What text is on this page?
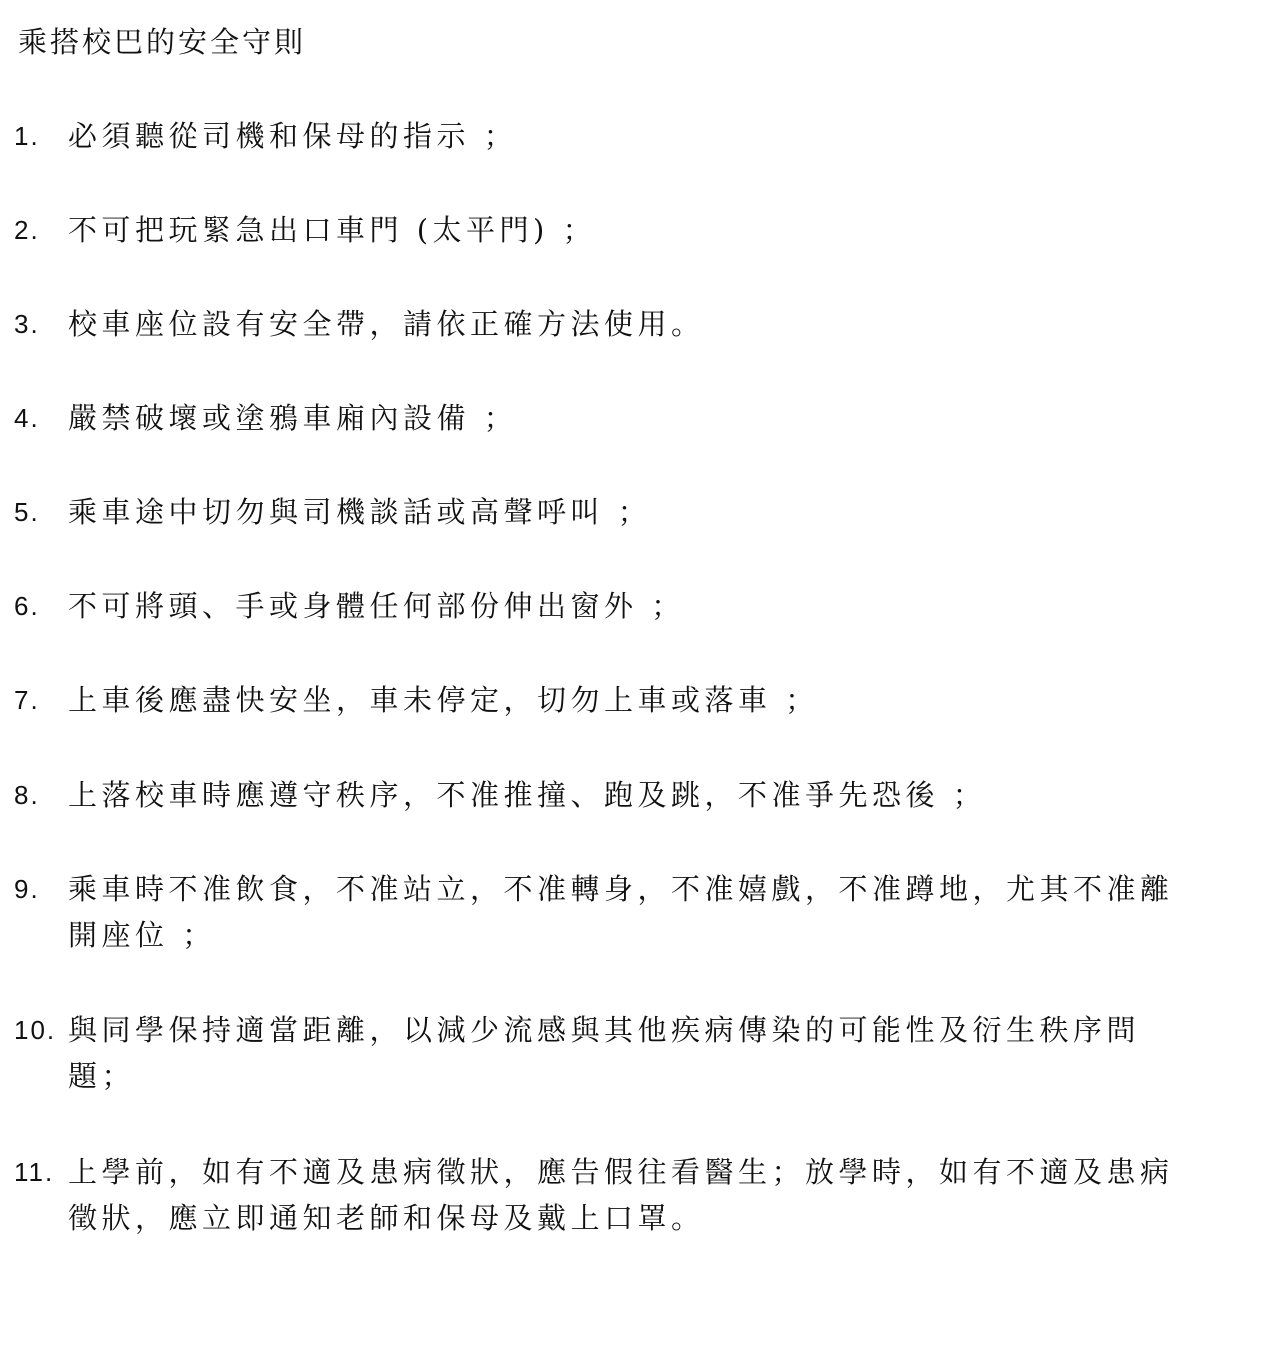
乘搭校巴的安全守則
1. 必須聽從司機和保母的指示 ；
2. 不可把玩緊急出口車門 (太平門) ；
3. 校車座位設有安全帶，請依正確方法使用。
4. 嚴禁破壞或塗鴉車廂內設備 ；
5. 乘車途中切勿與司機談話或高聲呼叫 ；
6. 不可將頭、手或身體任何部份伸出窗外 ；
7. 上車後應盡快安坐，車未停定，切勿上車或落車 ；
8. 上落校車時應遵守秩序，不准推撞、跑及跳，不准爭先恐後 ；
9. 乘車時不准飲食，不准站立，不准轉身，不准嬉戲，不准蹲地，尤其不准離
開座位 ；
10. 與同學保持適當距離，以減少流感與其他疾病傳染的可能性及衍生秩序問
題；
11. 上學前，如有不適及患病徵狀，應告假往看醫生；放學時，如有不適及患病
徵狀，應立即通知老師和保母及戴上口罩。
